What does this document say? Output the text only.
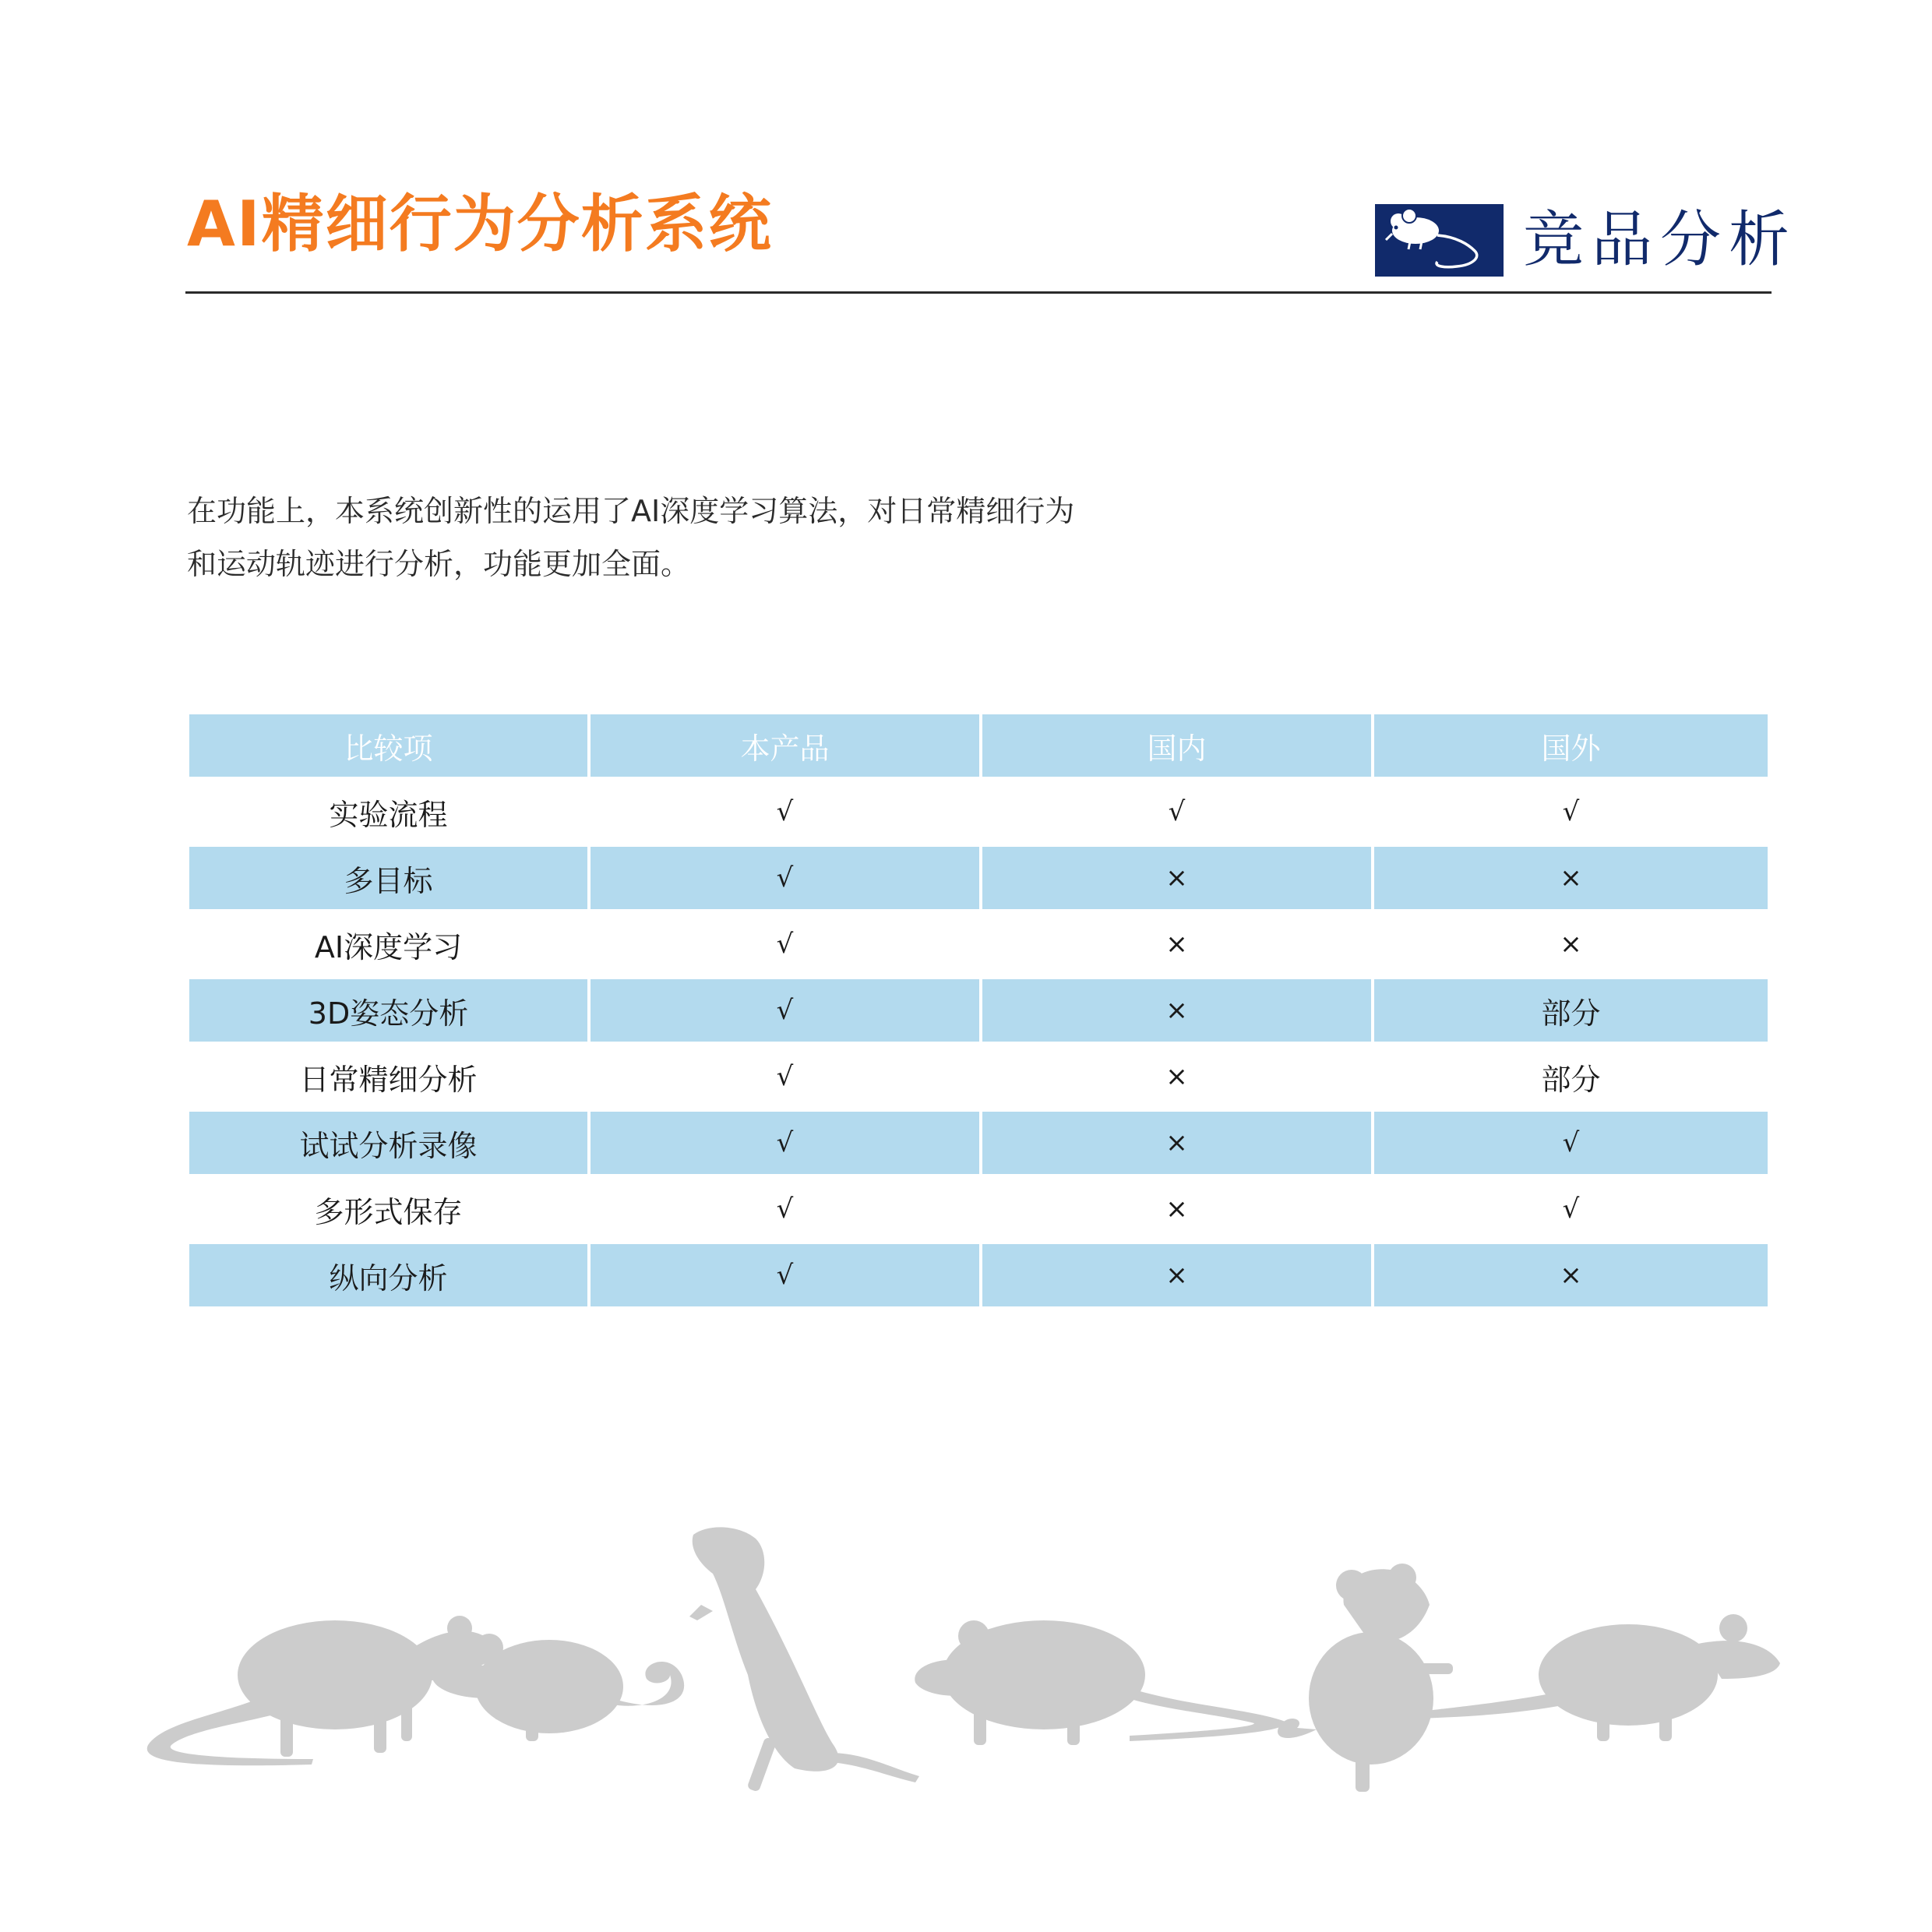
AI精细行为分析系统	竞品分析

在功能上，本系统创新性的运用了AI深度学习算法，对日常精细行为

和运动轨迹进行分析，功能更加全面。

比较项	本产品	国内	国外
实验流程	√	√	√
多目标	√	×	×
AI深度学习	√	×	×
3D姿态分析	√	×	部分
日常精细分析	√	×	部分
试试分析录像	√	×	√
多形式保存	√	×	√
纵向分析	√	×	×
